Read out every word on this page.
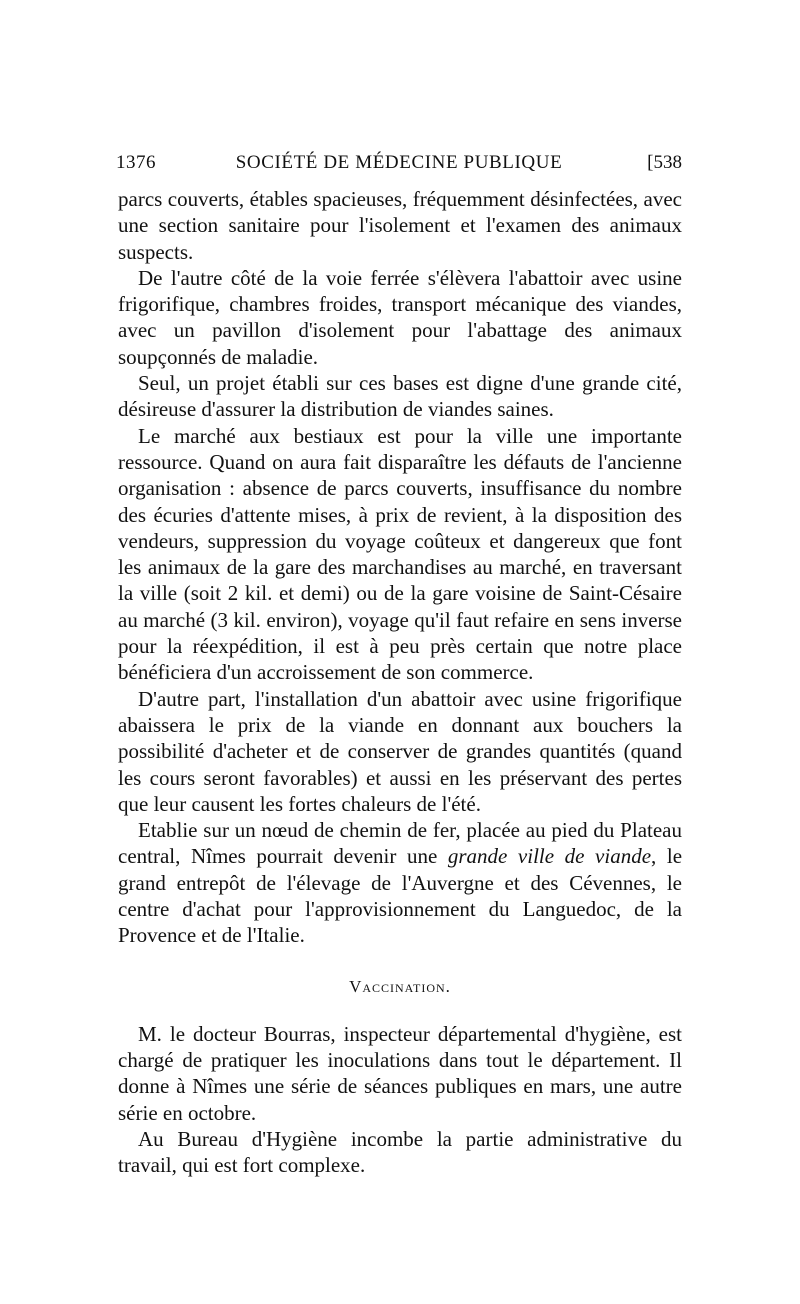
1376	SOCIÉTÉ DE MÉDECINE PUBLIQUE	[538

parcs couverts, étables spacieuses, fréquemment désinfectées, avec une section sanitaire pour l'isolement et l'examen des animaux suspects.

De l'autre côté de la voie ferrée s'élèvera l'abattoir avec usine frigorifique, chambres froides, transport mécanique des viandes, avec un pavillon d'isolement pour l'abattage des animaux soupçonnés de maladie.

Seul, un projet établi sur ces bases est digne d'une grande cité, désireuse d'assurer la distribution de viandes saines.

Le marché aux bestiaux est pour la ville une importante ressource. Quand on aura fait disparaître les défauts de l'ancienne organisation : absence de parcs couverts, insuffisance du nombre des écuries d'attente mises, à prix de revient, à la disposition des vendeurs, suppression du voyage coûteux et dangereux que font les animaux de la gare des marchandises au marché, en traversant la ville (soit 2 kil. et demi) ou de la gare voisine de Saint-Césaire au marché (3 kil. environ), voyage qu'il faut refaire en sens inverse pour la réexpédition, il est à peu près certain que notre place bénéficiera d'un accroissement de son commerce.

D'autre part, l'installation d'un abattoir avec usine frigorifique abaissera le prix de la viande en donnant aux bouchers la possibilité d'acheter et de conserver de grandes quantités (quand les cours seront favorables) et aussi en les préservant des pertes que leur causent les fortes chaleurs de l'été.

Etablie sur un nœud de chemin de fer, placée au pied du Plateau central, Nîmes pourrait devenir une grande ville de viande, le grand entrepôt de l'élevage de l'Auvergne et des Cévennes, le centre d'achat pour l'approvisionnement du Languedoc, de la Provence et de l'Italie.

Vaccination.

M. le docteur Bourras, inspecteur départemental d'hygiène, est chargé de pratiquer les inoculations dans tout le département. Il donne à Nîmes une série de séances publiques en mars, une autre série en octobre.

Au Bureau d'Hygiène incombe la partie administrative du travail, qui est fort complexe.
